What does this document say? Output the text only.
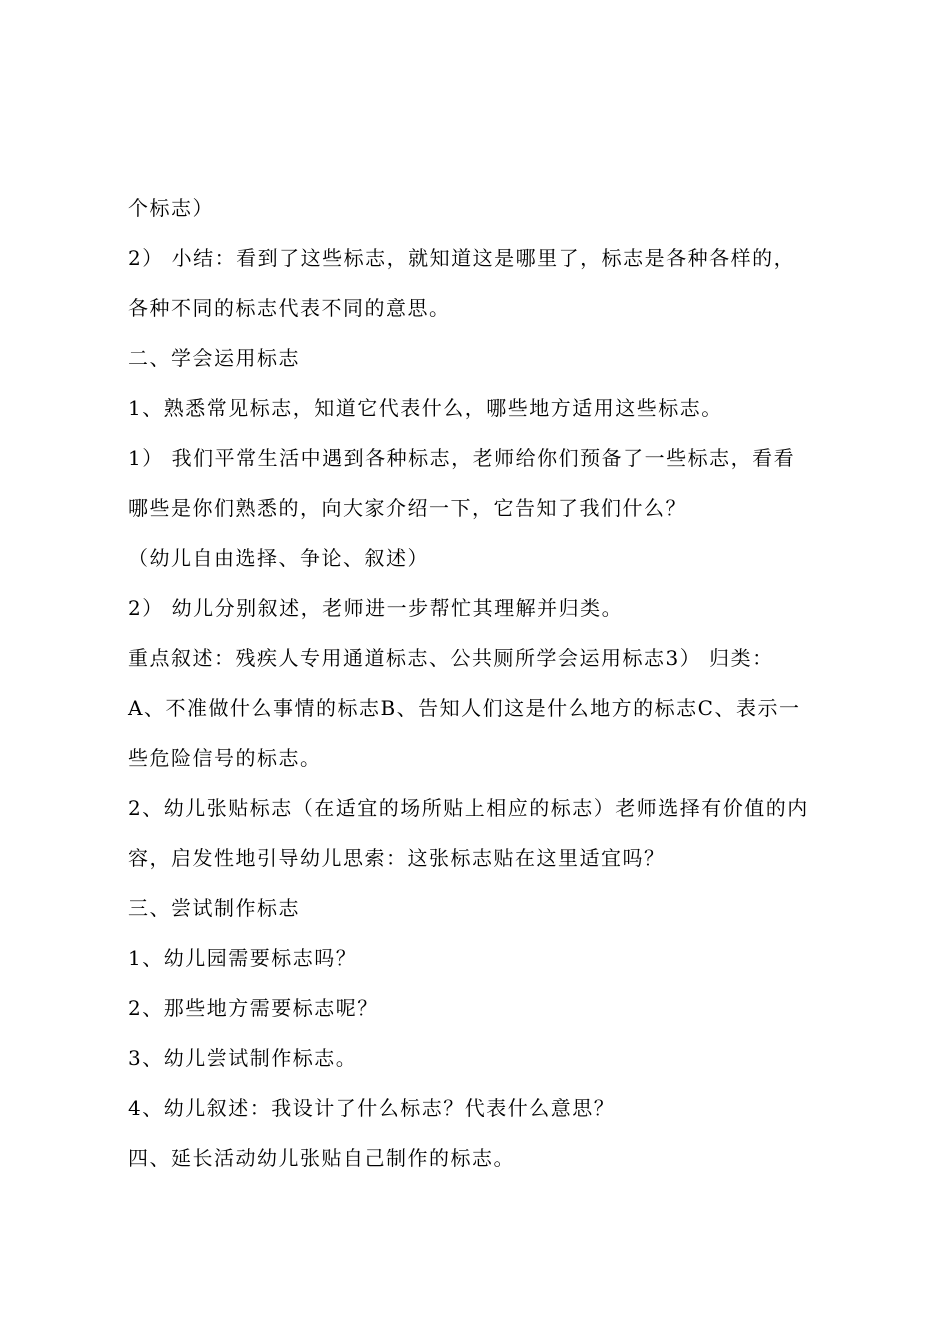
个标志）
2） 小结：看到了这些标志，就知道这是哪里了，标志是各种各样的，
各种不同的标志代表不同的意思。
二、学会运用标志
1、熟悉常见标志，知道它代表什么，哪些地方适用这些标志。
1） 我们平常生活中遇到各种标志，老师给你们预备了一些标志，看看
哪些是你们熟悉的，向大家介绍一下，它告知了我们什么？
（幼儿自由选择、争论、叙述）
2） 幼儿分别叙述，老师进一步帮忙其理解并归类。
重点叙述：残疾人专用通道标志、公共厕所学会运用标志3） 归类：
A、不准做什么事情的标志B、告知人们这是什么地方的标志C、表示一
些危险信号的标志。
2、幼儿张贴标志（在适宜的场所贴上相应的标志）老师选择有价值的内
容，启发性地引导幼儿思索：这张标志贴在这里适宜吗？
三、尝试制作标志
1、幼儿园需要标志吗？
2、那些地方需要标志呢？
3、幼儿尝试制作标志。
4、幼儿叙述：我设计了什么标志？代表什么意思？
四、延长活动幼儿张贴自己制作的标志。
